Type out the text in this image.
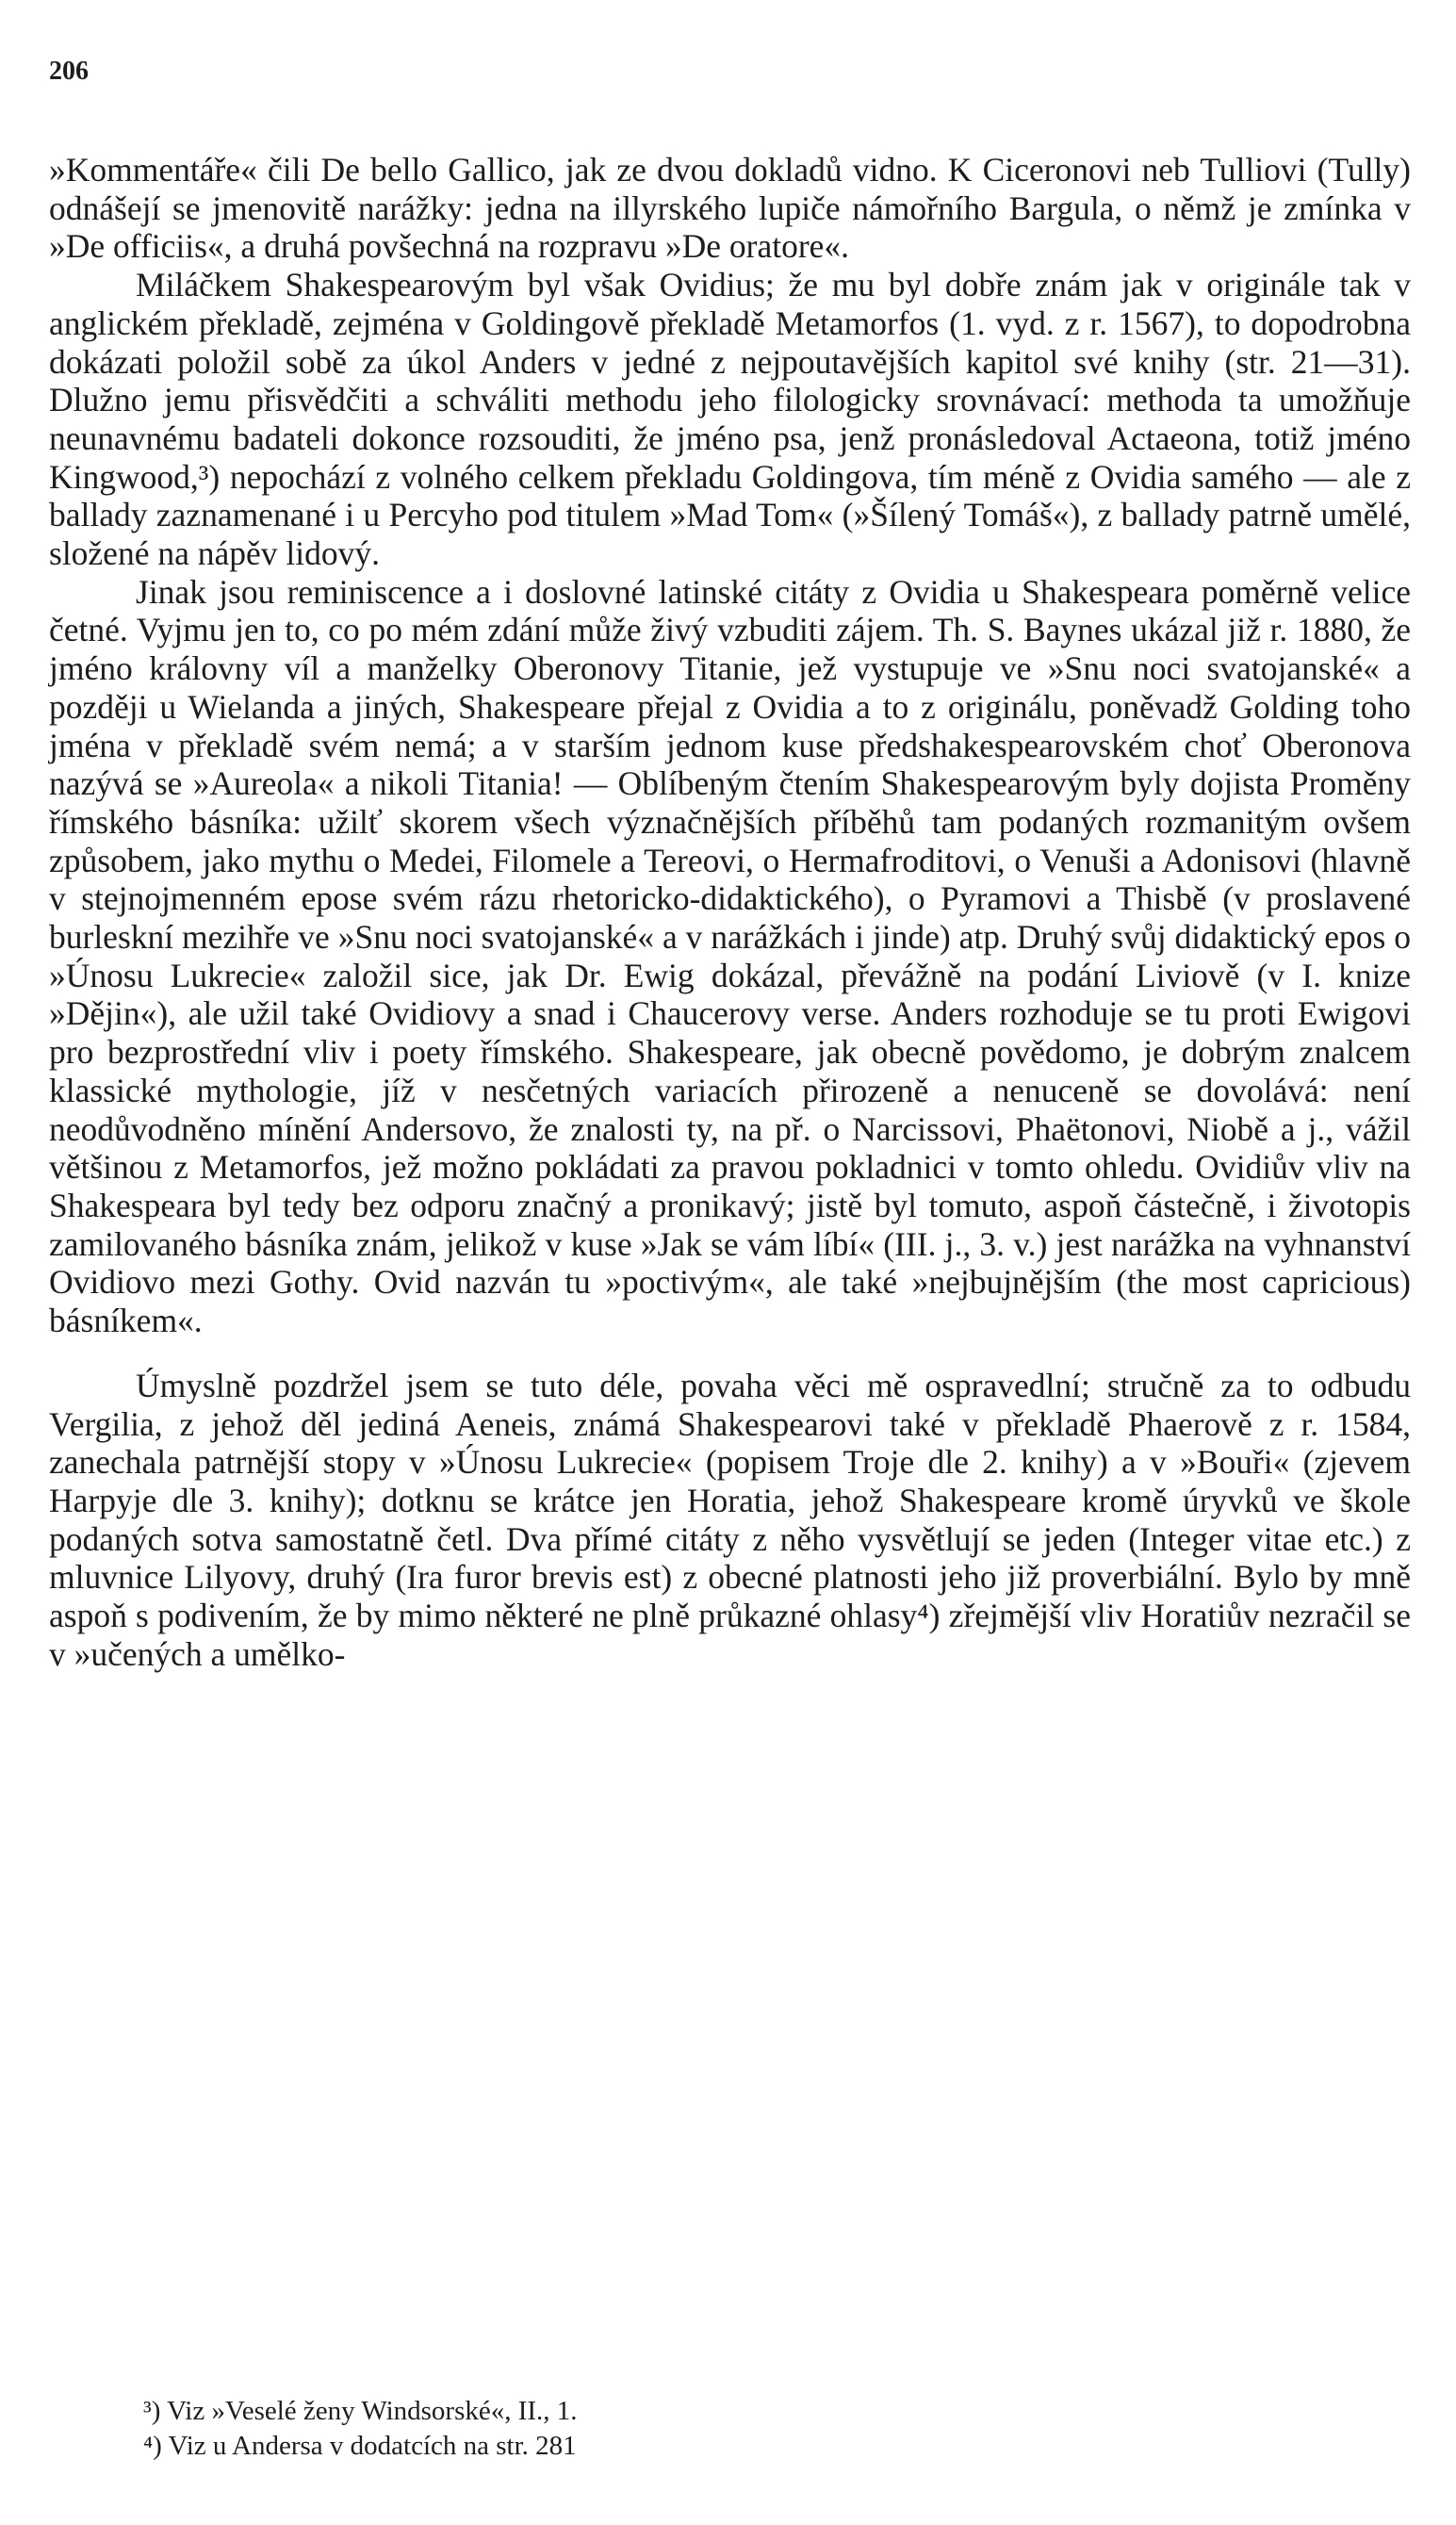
206

»Kommentáře« čili De bello Gallico, jak ze dvou dokladů vidno. K Ciceronovi neb Tulliovi (Tully) odnášejí se jmenovitě narážky: jedna na illyrského lupiče námořního Bargula, o němž je zmínka v »De officiis«, a druhá povšechná na rozpravu »De oratore«.

Miláčkem Shakespearovým byl však Ovidius; že mu byl dobře znám jak v originále tak v anglickém překladě, zejména v Goldingově překladě Metamorfos (1. vyd. z r. 1567), to dopodrobna dokázati položil sobě za úkol Anders v jedné z nejpoutavějších kapitol své knihy (str. 21—31). Dlužno jemu přisvědčiti a schváliti methodu jeho filologicky srovnávací: methoda ta umožňuje neunavnému badateli dokonce rozsouditi, že jméno psa, jenž pronásledoval Actaeona, totiž jméno Kingwood,³) nepochází z volného celkem překladu Goldingova, tím méně z Ovidia samého — ale z ballady zaznamenané i u Percyho pod titulem »Mad Tom« (»Šílený Tomáš«), z ballady patrně umělé, složené na nápěv lidový.

Jinak jsou reminiscence a i doslovné latinské citáty z Ovidia u Shakespeara poměrně velice četné. Vyjmu jen to, co po mém zdání může živý vzbuditi zájem. Th. S. Baynes ukázal již r. 1880, že jméno královny víl a manželky Oberonovy Titanie, jež vystupuje ve »Snu noci svatojanské« a později u Wielanda a jiných, Shakespeare přejal z Ovidia a to z originálu, poněvadž Golding toho jména v překladě svém nemá; a v starším jednom kuse předshakespearovském choť Oberonova nazývá se »Aureola« a nikoli Titania! — Oblíbeným čtením Shakespearovým byly dojista Proměny římského básníka: užilť skorem všech význačnějších příběhů tam podaných rozmanitým ovšem způsobem, jako mythu o Medei, Filomele a Tereovi, o Hermafroditovi, o Venuši a Adonisovi (hlavně v stejnojmenném epose svém rázu rhetoricko-didaktického), o Pyramovi a Thisbě (v proslavené burleskní mezihře ve »Snu noci svatojanské« a v narážkách i jinde) atp. Druhý svůj didaktický epos o »Únosu Lukrecie« založil sice, jak Dr. Ewig dokázal, převážně na podání Liviově (v I. knize »Dějin«), ale užil také Ovidiovy a snad i Chaucerovy verse. Anders rozhoduje se tu proti Ewigovi pro bezprostřední vliv i poety římského. Shakespeare, jak obecně povědomo, je dobrým znalcem klassické mythologie, jíž v nesčetných variacích přirozeně a nenuceně se dovolává: není neodůvodněno mínění Andersovo, že znalosti ty, na př. o Narcissovi, Phaëtonovi, Niobě a j., vážil většinou z Metamorfos, jež možno pokládati za pravou pokladnici v tomto ohledu. Ovidiův vliv na Shakespeara byl tedy bez odporu značný a pronikavý; jistě byl tomuto, aspoň částečně, i životopis zamilovaného básníka znám, jelikož v kuse »Jak se vám líbí« (III. j., 3. v.) jest narážka na vyhnanství Ovidiovo mezi Gothy. Ovid nazván tu »poctivým«, ale také »nejbujnějším (the most capricious) básníkem«.

Úmyslně pozdržel jsem se tuto déle, povaha věci mě ospravedlní; stručně za to odbudu Vergilia, z jehož děl jediná Aeneis, známá Shakespearovi také v překladě Phaerově z r. 1584, zanechala patrnější stopy v »Únosu Lukrecie« (popisem Troje dle 2. knihy) a v »Bouři« (zjevem Harpyje dle 3. knihy); dotknu se krátce jen Horatia, jehož Shakespeare kromě úryvků ve škole podaných sotva samostatně četl. Dva přímé citáty z něho vysvětlují se jeden (Integer vitae etc.) z mluvnice Lilyovy, druhý (Ira furor brevis est) z obecné platnosti jeho již proverbiální. Bylo by mně aspoň s podivením, že by mimo některé ne plně průkazné ohlasy⁴) zřejmější vliv Horatiův nezračil se v »učených a umělko-

³) Viz »Veselé ženy Windsorské«, II., 1.
⁴) Viz u Andersa v dodatcích na str. 281
